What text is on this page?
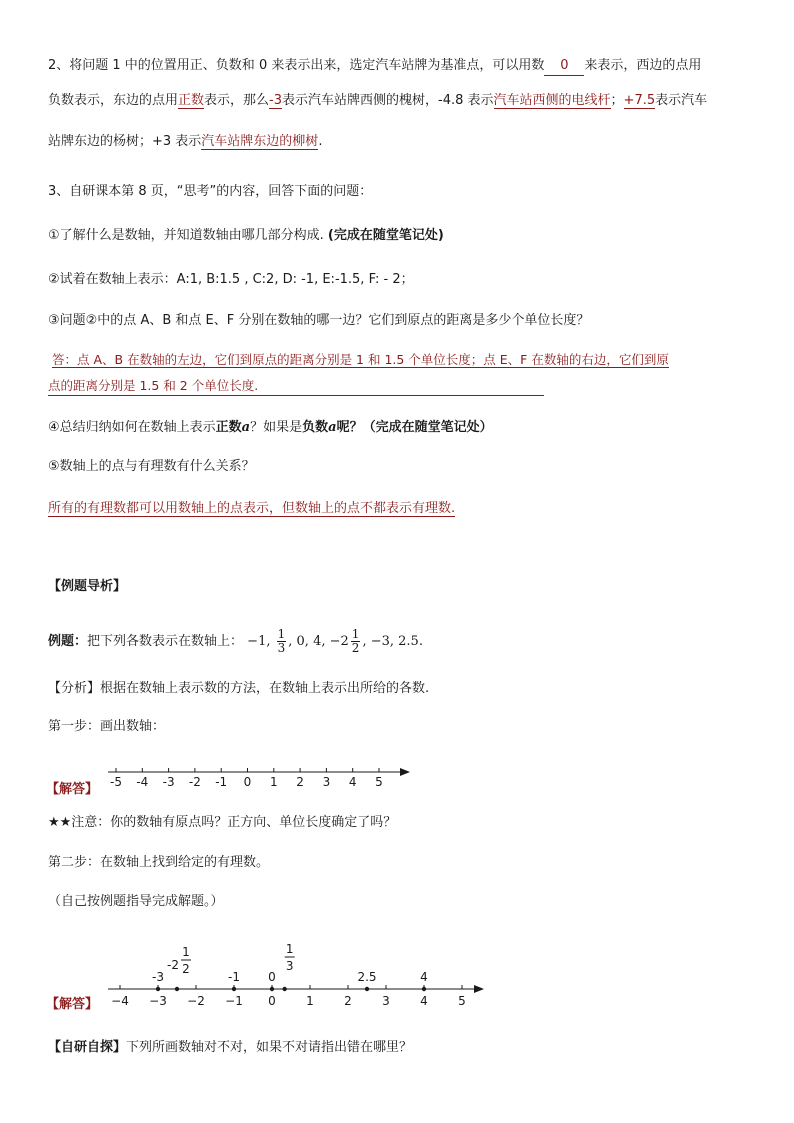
2、将问题 1 中的位置用正、负数和 0 来表示出来，选定汽车站牌为基准点，可以用数 0 来表示，西边的点用
负数表示，东边的点用正数表示，那么-3表示汽车站牌西侧的槐树，-4.8 表示汽车站西侧的电线杆；+7.5表示汽车
站牌东边的杨树；+3 表示汽车站牌东边的柳树.
3、自研课本第 8 页，“思考”的内容，回答下面的问题：
①了解什么是数轴，并知道数轴由哪几部分构成. (完成在随堂笔记处)
②试着在数轴上表示：A:1, B:1.5 , C:2, D: -1, E:-1.5, F: - 2；
③问题②中的点 A、B 和点 E、F 分别在数轴的哪一边？它们到原点的距离是多少个单位长度？
答：点 A、B 在数轴的左边，它们到原点的距离分别是 1 和 1.5 个单位长度；点 E、F 在数轴的右边，它们到原
点的距离分别是 1.5 和 2 个单位长度.
④总结归纳如何在数轴上表示正数a？如果是负数a呢？（完成在随堂笔记处）
⑤数轴上的点与有理数有什么关系？
所有的有理数都可以用数轴上的点表示，但数轴上的点不都表示有理数.
【例题导析】
例题：把下列各数表示在数轴上： −1, $\frac{1}{3}$ , 0, 4, $-2 \frac{1}{2}$ , −3, 2.5.
【分析】根据在数轴上表示数的方法，在数轴上表示出所给的各数.
第一步：画出数轴：
【解答】 -5 -4 -3 -2 -1 0 1 2 3 4 5
★★注意：你的数轴有原点吗？正方向、单位长度确定了吗？
第二步：在数轴上找到给定的有理数。
（自己按例题指导完成解题。）
【解答】 −4 −3 −2 −1 0	1	2	3	4	5
-3	-1 0	2.5	4
-2
1
2
1
3
【自研自探】下列所画数轴对不对，如果不对请指出错在哪里？
